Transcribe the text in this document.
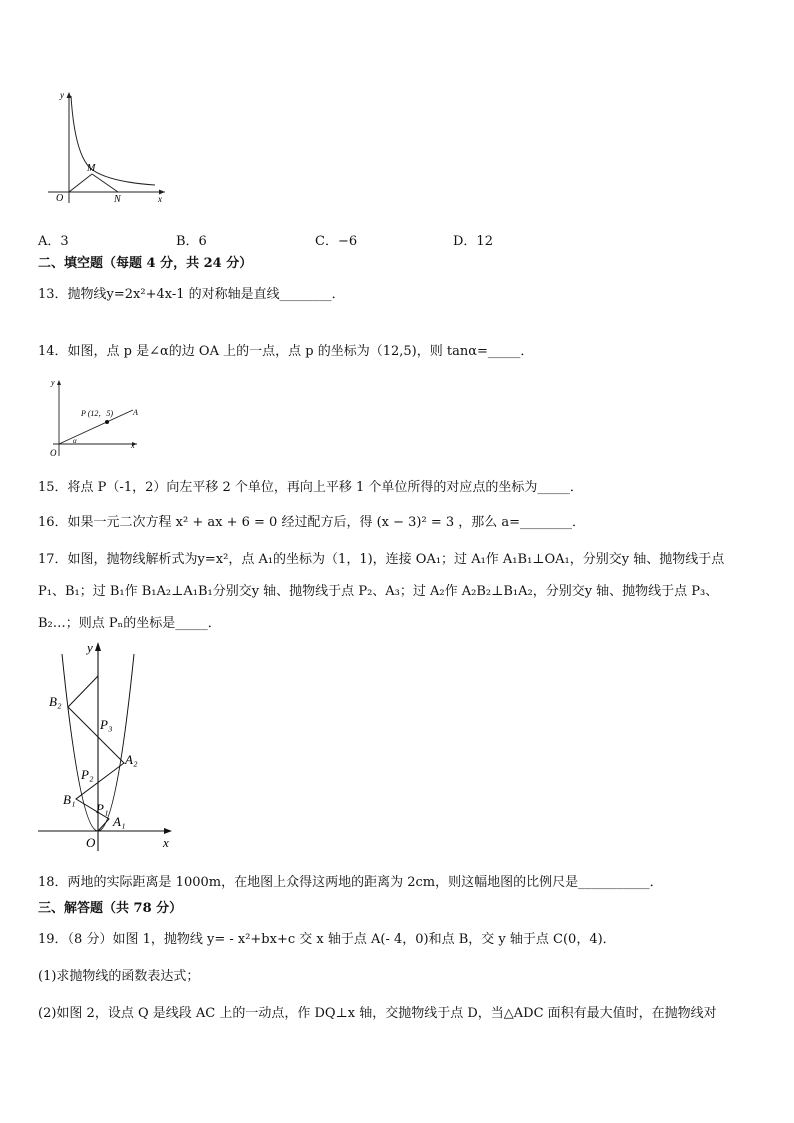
y
x
O
M
N
A．3	B．6	C．−6	D．12
二、填空题（每题 4 分，共 24 分）
13．抛物线y=2x²+4x-1 的对称轴是直线________．
14．如图，点 p 是∠α的边 OA 上的一点，点 p 的坐标为（12,5)，则 tanα=_____．
y
x
O
A
P (12，5)
α
15．将点 P（-1，2）向左平移 2 个单位，再向上平移 1 个单位所得的对应点的坐标为_____．
16．如果一元二次方程 x² + ax + 6 = 0 经过配方后，得 (x − 3)² = 3 ，那么 a=________．
17．如图，抛物线解析式为y=x²，点 A₁的坐标为（1，1)，连接 OA₁；过 A₁作 A₁B₁⊥OA₁，分别交y 轴、抛物线于点
P₁、B₁；过 B₁作 B₁A₂⊥A₁B₁分别交y 轴、抛物线于点 P₂、A₃；过 A₂作 A₂B₂⊥B₁A₂，分别交y 轴、抛物线于点 P₃、
B₂…；则点 Pₙ的坐标是_____．
y
x
O
B₂
P₃
A₂
P₂
B₁
P₁
A₁
18．两地的实际距离是 1000m，在地图上众得这两地的距离为 2cm，则这幅地图的比例尺是___________．
三、解答题（共 78 分）
19．（8 分）如图 1，抛物线 y= - x²+bx+c 交 x 轴于点 A(- 4，0)和点 B，交 y 轴于点 C(0，4)．
(1)求抛物线的函数表达式；
(2)如图 2，设点 Q 是线段 AC 上的一动点，作 DQ⊥x 轴，交抛物线于点 D，当△ADC 面积有最大值时，在抛物线对
